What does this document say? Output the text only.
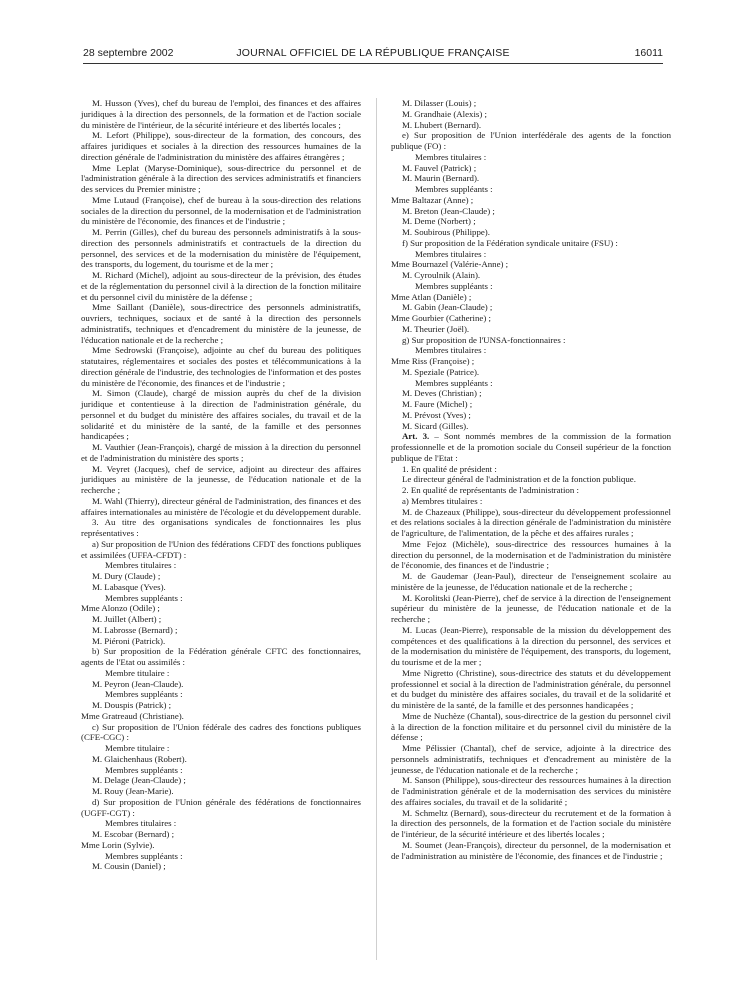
28 septembre 2002	JOURNAL OFFICIEL DE LA RÉPUBLIQUE FRANÇAISE	16011

M. Husson (Yves), chef du bureau de l'emploi, des finances et des affaires juridiques à la direction des personnels, de la formation et de l'action sociale du ministère de l'intérieur, de la sécurité intérieure et des libertés locales ;

M. Lefort (Philippe), sous-directeur de la formation, des concours, des affaires juridiques et sociales à la direction des ressources humaines de la direction générale de l'administration du ministère des affaires étrangères ;

Mme Leplat (Maryse-Dominique), sous-directrice du personnel et de l'administration générale à la direction des services administratifs et financiers des services du Premier ministre ;

Mme Lutaud (Françoise), chef de bureau à la sous-direction des relations sociales de la direction du personnel, de la modernisation et de l'administration du ministère de l'économie, des finances et de l'industrie ;

M. Perrin (Gilles), chef du bureau des personnels administratifs à la sous-direction des personnels administratifs et contractuels de la direction du personnel, des services et de la modernisation du ministère de l'équipement, des transports, du logement, du tourisme et de la mer ;

M. Richard (Michel), adjoint au sous-directeur de la prévision, des études et de la réglementation du personnel civil à la direction de la fonction militaire et du personnel civil du ministère de la défense ;

Mme Saillant (Danièle), sous-directrice des personnels administratifs, ouvriers, techniques, sociaux et de santé à la direction des personnels administratifs, techniques et d'encadrement du ministère de la jeunesse, de l'éducation nationale et de la recherche ;

Mme Sedrowski (Françoise), adjointe au chef du bureau des politiques statutaires, réglementaires et sociales des postes et télécommunications à la direction générale de l'industrie, des technologies de l'information et des postes du ministère de l'économie, des finances et de l'industrie ;

M. Simon (Claude), chargé de mission auprès du chef de la division juridique et contentieuse à la direction de l'administration générale, du personnel et du budget du ministère des affaires sociales, du travail et de la solidarité et du ministère de la santé, de la famille et des personnes handicapées ;

M. Vauthier (Jean-François), chargé de mission à la direction du personnel et de l'administration du ministère des sports ;

M. Veyret (Jacques), chef de service, adjoint au directeur des affaires juridiques au ministère de la jeunesse, de l'éducation nationale et de la recherche ;

M. Wahl (Thierry), directeur général de l'administration, des finances et des affaires internationales au ministère de l'écologie et du développement durable.

3. Au titre des organisations syndicales de fonctionnaires les plus représentatives :

a) Sur proposition de l'Union des fédérations CFDT des fonctions publiques et assimilées (UFFA-CFDT) :

Membres titulaires :

M. Dury (Claude) ;

M. Labasque (Yves).

Membres suppléants :

Mme Alonzo (Odile) ;

M. Juillet (Albert) ;

M. Labrosse (Bernard) ;

M. Piéroni (Patrick).

b) Sur proposition de la Fédération générale CFTC des fonctionnaires, agents de l'Etat ou assimilés :

Membre titulaire :

M. Peyron (Jean-Claude).

Membres suppléants :

M. Douspis (Patrick) ;

Mme Gratreaud (Christiane).

c) Sur proposition de l'Union fédérale des cadres des fonctions publiques (CFE-CGC) :

Membre titulaire :

M. Glaichenhaus (Robert).

Membres suppléants :

M. Delage (Jean-Claude) ;

M. Rouy (Jean-Marie).

d) Sur proposition de l'Union générale des fédérations de fonctionnaires (UGFF-CGT) :

Membres titulaires :

M. Escobar (Bernard) ;

Mme Lorin (Sylvie).

Membres suppléants :

M. Cousin (Daniel) ;

M. Dilasser (Louis) ;

M. Grandhaie (Alexis) ;

M. Lhubert (Bernard).

e) Sur proposition de l'Union interfédérale des agents de la fonction publique (FO) :

Membres titulaires :

M. Fauvel (Patrick) ;

M. Maurin (Bernard).

Membres suppléants :

Mme Baltazar (Anne) ;

M. Breton (Jean-Claude) ;

M. Deme (Norbert) ;

M. Soubirous (Philippe).

f) Sur proposition de la Fédération syndicale unitaire (FSU) :

Membres titulaires :

Mme Bournazel (Valérie-Anne) ;

M. Cyroulnik (Alain).

Membres suppléants :

Mme Atlan (Danièle) ;

M. Gabin (Jean-Claude) ;

Mme Gourbier (Catherine) ;

M. Theurier (Joël).

g) Sur proposition de l'UNSA-fonctionnaires :

Membres titulaires :

Mme Riss (Françoise) ;

M. Speziale (Patrice).

Membres suppléants :

M. Deves (Christian) ;

M. Faure (Michel) ;

M. Prévost (Yves) ;

M. Sicard (Gilles).

Art. 3. – Sont nommés membres de la commission de la formation professionnelle et de la promotion sociale du Conseil supérieur de la fonction publique de l'Etat :

1. En qualité de président :

Le directeur général de l'administration et de la fonction publique.

2. En qualité de représentants de l'administration :

a) Membres titulaires :

M. de Chazeaux (Philippe), sous-directeur du développement professionnel et des relations sociales à la direction générale de l'administration du ministère de l'agriculture, de l'alimentation, de la pêche et des affaires rurales ;

Mme Fejoz (Michèle), sous-directrice des ressources humaines à la direction du personnel, de la modernisation et de l'administration du ministère de l'économie, des finances et de l'industrie ;

M. de Gaudemar (Jean-Paul), directeur de l'enseignement scolaire au ministère de la jeunesse, de l'éducation nationale et de la recherche ;

M. Korolitski (Jean-Pierre), chef de service à la direction de l'enseignement supérieur du ministère de la jeunesse, de l'éducation nationale et de la recherche ;

M. Lucas (Jean-Pierre), responsable de la mission du développement des compétences et des qualifications à la direction du personnel, des services et de la modernisation du ministère de l'équipement, des transports, du logement, du tourisme et de la mer ;

Mme Nigretto (Christine), sous-directrice des statuts et du développement professionnel et social à la direction de l'administration générale, du personnel et du budget du ministère des affaires sociales, du travail et de la solidarité et du ministère de la santé, de la famille et des personnes handicapées ;

Mme de Nuchèze (Chantal), sous-directrice de la gestion du personnel civil à la direction de la fonction militaire et du personnel civil du ministère de la défense ;

Mme Pélissier (Chantal), chef de service, adjointe à la directrice des personnels administratifs, techniques et d'encadrement au ministère de la jeunesse, de l'éducation nationale et de la recherche ;

M. Sanson (Philippe), sous-directeur des ressources humaines à la direction de l'administration générale et de la modernisation des services du ministère des affaires sociales, du travail et de la solidarité ;

M. Schmeltz (Bernard), sous-directeur du recrutement et de la formation à la direction des personnels, de la formation et de l'action sociale du ministère de l'intérieur, de la sécurité intérieure et des libertés locales ;

M. Soumet (Jean-François), directeur du personnel, de la modernisation et de l'administration au ministère de l'économie, des finances et de l'industrie ;
